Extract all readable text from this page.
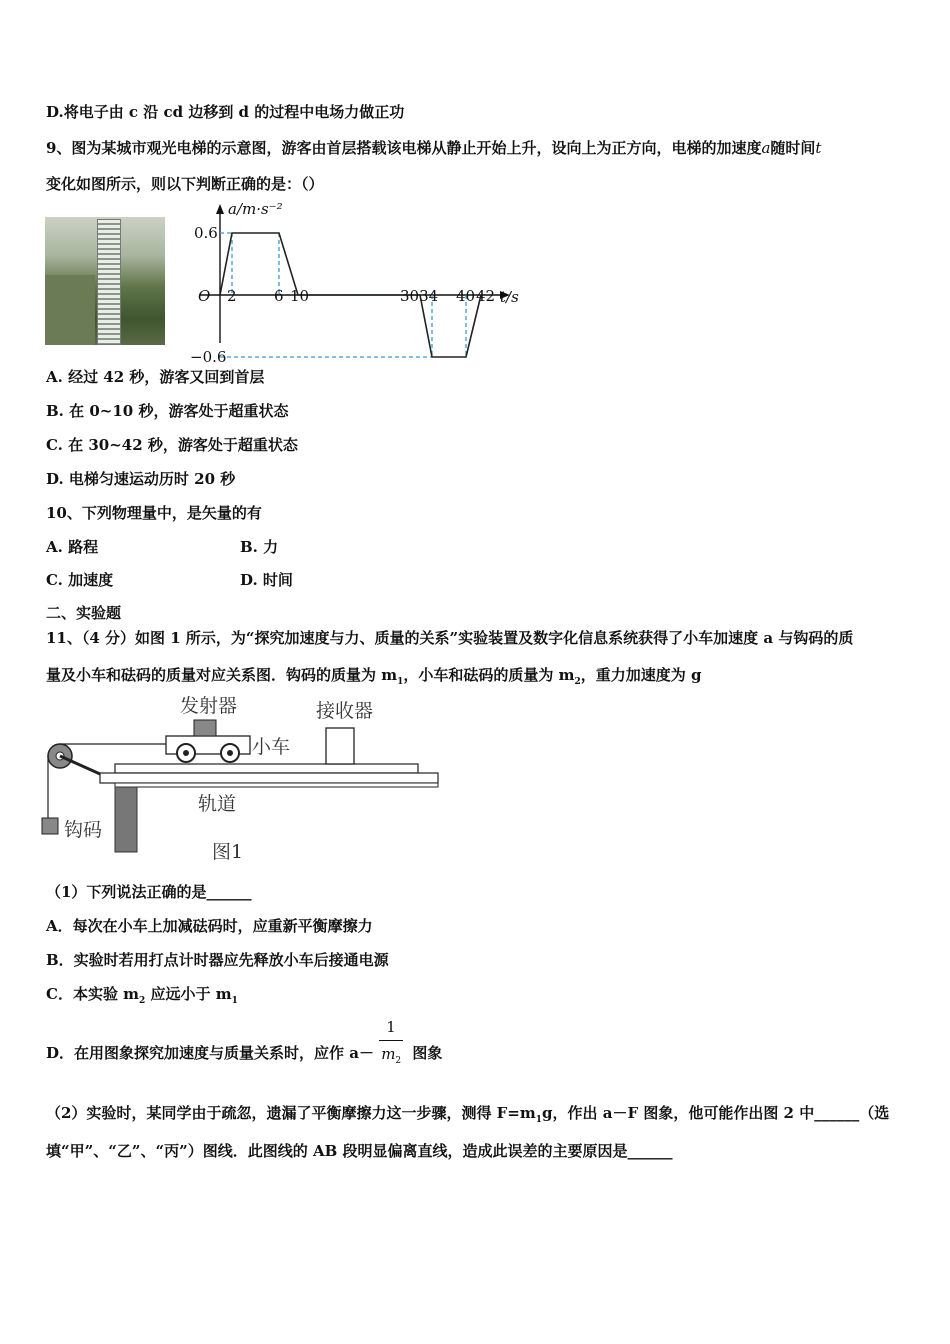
D.将电子由 c 沿 cd 边移到 d 的过程中电场力做正功
9、图为某城市观光电梯的示意图，游客由首层搭载该电梯从静止开始上升，设向上为正方向，电梯的加速度a随时间t
变化如图所示，则以下判断正确的是：（）
a/m·s⁻²
O
0.6
−0.6
t/s
2 6 10	3034 40 42
A. 经过 42 秒，游客又回到首层
B. 在 0~10 秒，游客处于超重状态
C. 在 30~42 秒，游客处于超重状态
D. 电梯匀速运动历时 20 秒
10、下列物理量中，是矢量的有
A. 路程	B. 力
C. 加速度	D. 时间
二、实验题
11、（4 分）如图 1 所示，为“探究加速度与力、质量的关系”实验装置及数字化信息系统获得了小车加速度 a 与钩码的质
量及小车和砝码的质量对应关系图．钩码的质量为 $m_1$，小车和砝码的质量为 $m_2$，重力加速度为 g
钩码
发射器
小车
接收器
轨道
图1
（1）下列说法正确的是______
A．每次在小车上加减砝码时，应重新平衡摩擦力
B．实验时若用打点计时器应先释放小车后接通电源
C．本实验 $m_2$ 应远小于 $m_1$
D．在用图象探究加速度与质量关系时，应作 $a- \frac{1}{m_2}$ 图象
（2）实验时，某同学由于疏忽，遗漏了平衡摩擦力这一步骤，测得 $F=m_1g$，作出 a－F 图象，他可能作出图 2 中______（选
填“甲”、“乙”、“丙”）图线．此图线的 AB 段明显偏离直线，造成此误差的主要原因是______
